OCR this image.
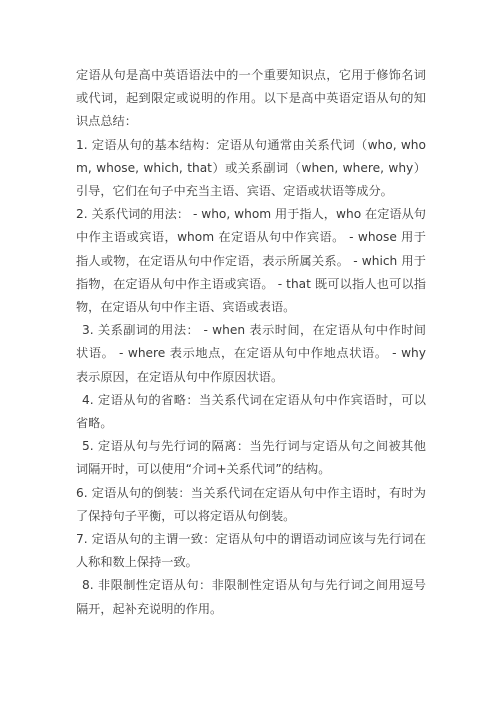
定语从句是高中英语语法中的一个重要知识点，它用于修饰名词或代词，起到限定或说明的作用。以下是高中英语定语从句的知识点总结：

1. 定语从句的基本结构：定语从句通常由关系代词（who, whom, whose, which, that）或关系副词（when, where, why）引导，它们在句子中充当主语、宾语、定语或状语等成分。

2. 关系代词的用法： - who, whom 用于指人，who 在定语从句中作主语或宾语，whom 在定语从句中作宾语。 - whose 用于指人或物，在定语从句中作定语，表示所属关系。 - which 用于指物，在定语从句中作主语或宾语。 - that 既可以指人也可以指物，在定语从句中作主语、宾语或表语。

3. 关系副词的用法： - when 表示时间，在定语从句中作时间状语。 - where 表示地点，在定语从句中作地点状语。 - why 表示原因，在定语从句中作原因状语。

4. 定语从句的省略：当关系代词在定语从句中作宾语时，可以省略。

5. 定语从句与先行词的隔离：当先行词与定语从句之间被其他词隔开时，可以使用“介词+关系代词”的结构。

6. 定语从句的倒装：当关系代词在定语从句中作主语时，有时为了保持句子平衡，可以将定语从句倒装。

7. 定语从句的主谓一致：定语从句中的谓语动词应该与先行词在人称和数上保持一致。

8. 非限制性定语从句：非限制性定语从句与先行词之间用逗号隔开，起补充说明的作用。
